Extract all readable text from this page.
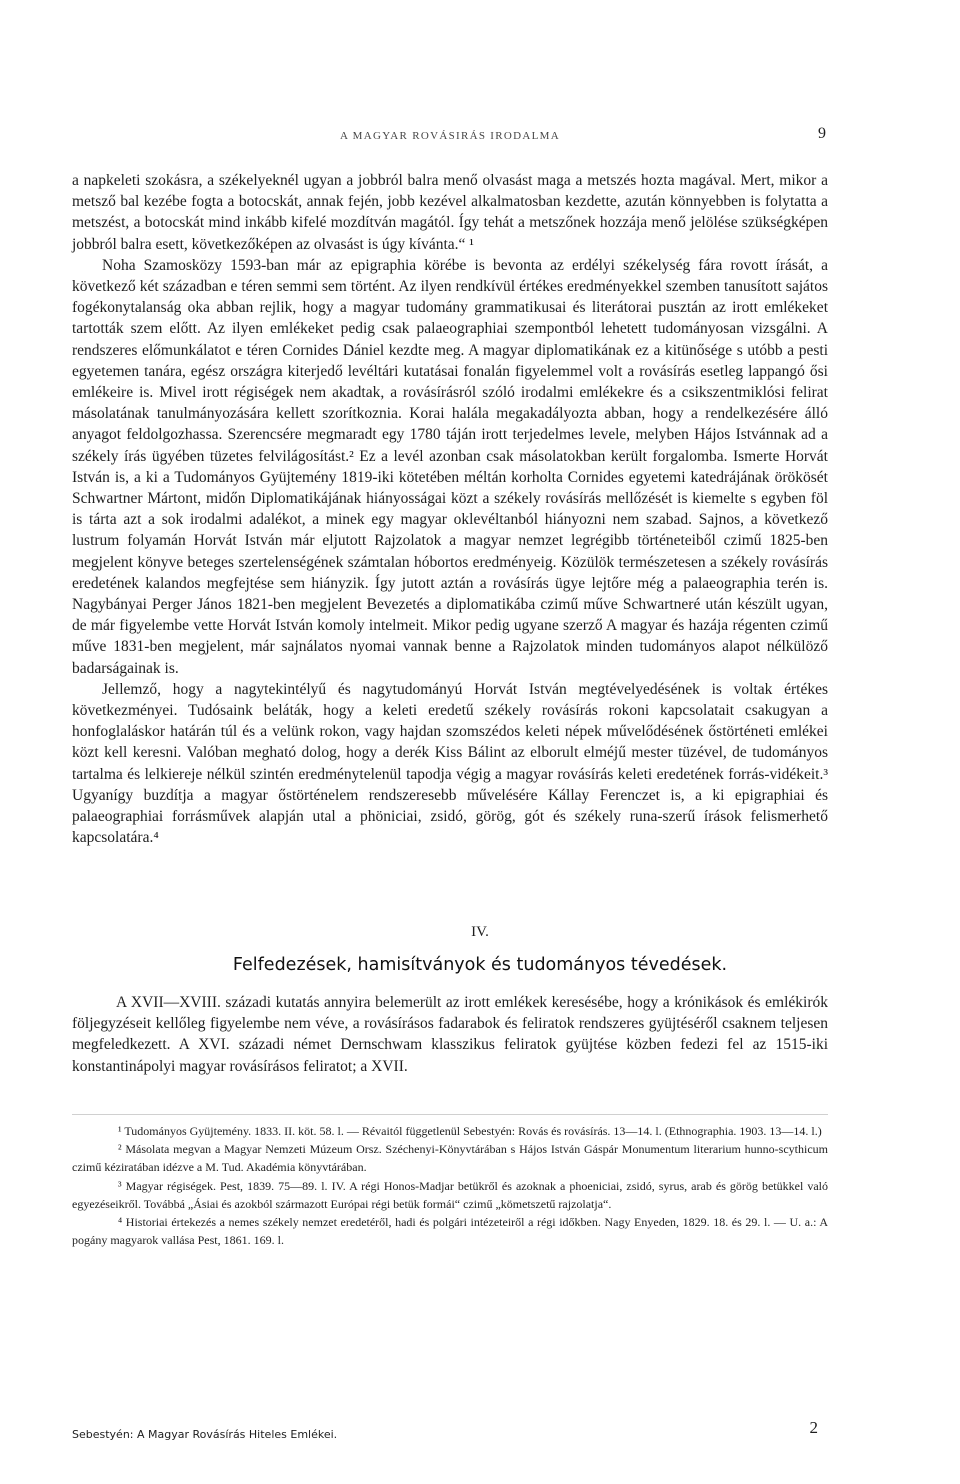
A MAGYAR ROVÁSIRÁS IRODALMA	9

a napkeleti szokásra, a székelyeknél ugyan a jobbról balra menő olvasást maga a metszés hozta magával. Mert, mikor a metsző bal kezébe fogta a botocskát, annak fején, jobb kezével alkalmatosban kezdette, azután könnyebben is folytatta a metszést, a botocskát mind inkább kifelé mozdítván magától. Így tehát a metszőnek hozzája menő jelölése szükségképen jobbról balra esett, következőképen az olvasást is úgy kívánta.“ ¹

Noha Szamosközy 1593-ban már az epigraphia körébe is bevonta az erdélyi székelység fára rovott írását, a következő két században e téren semmi sem történt. Az ilyen rendkívül értékes eredményekkel szemben tanusított sajátos fogékonytalanság oka abban rejlik, hogy a magyar tudomány grammatikusai és literátorai pusztán az irott emlékeket tartották szem előtt. Az ilyen emlékeket pedig csak palaeographiai szempontból lehetett tudományosan vizsgálni. A rendszeres előmunkálatot e téren Cornides Dániel kezdte meg. A magyar diplomatikának ez a kitünősége s utóbb a pesti egyetemen tanára, egész országra kiterjedő levéltári kutatásai fonalán figyelemmel volt a rovásírás esetleg lappangó ősi emlékeire is. Mivel irott régiségek nem akadtak, a rovásírásról szóló irodalmi emlékekre és a csikszentmiklósi felirat másolatának tanulmányozására kellett szorítkoznia. Korai halála megakadályozta abban, hogy a rendelkezésére álló anyagot feldolgozhassa. Szerencsére megmaradt egy 1780 táján irott terjedelmes levele, melyben Hájos Istvánnak ad a székely írás ügyében tüzetes felvilágosítást.² Ez a levél azonban csak másolatokban került forgalomba. Ismerte Horvát István is, a ki a Tudományos Gyüjtemény 1819-iki kötetében méltán korholta Cornides egyetemi katedrájának örökösét Schwartner Mártont, midőn Diplomatikájának hiányosságai közt a székely rovásírás mellőzését is kiemelte s egyben föl is tárta azt a sok irodalmi adalékot, a minek egy magyar oklevéltanból hiányozni nem szabad. Sajnos, a következő lustrum folyamán Horvát István már eljutott Rajzolatok a magyar nemzet legrégibb történeteiből czimű 1825-ben megjelent könyve beteges szertelenségének számtalan hóbortos eredményeig. Közülök természetesen a székely rovásírás eredetének kalandos megfejtése sem hiányzik. Így jutott aztán a rovásírás ügye lejtőre még a palaeographia terén is. Nagybányai Perger János 1821-ben megjelent Bevezetés a diplomatikába czimű műve Schwartneré után készült ugyan, de már figyelembe vette Horvát István komoly intelmeit. Mikor pedig ugyane szerző A magyar és hazája régenten czimű műve 1831-ben megjelent, már sajnálatos nyomai vannak benne a Rajzolatok minden tudományos alapot nélkülöző badarságainak is.

Jellemző, hogy a nagytekintélyű és nagytudományú Horvát István megtévelyedésének is voltak értékes következményei. Tudósaink beláták, hogy a keleti eredetű székely rovásírás rokoni kapcsolatait csakugyan a honfoglaláskor határán túl és a velünk rokon, vagy hajdan szomszédos keleti népek művelődésének őstörténeti emlékei közt kell keresni. Valóban megható dolog, hogy a derék Kiss Bálint az elborult elméjű mester tüzével, de tudományos tartalma és lelkiereje nélkül szintén eredménytelenül tapodja végig a magyar rovásírás keleti eredetének forrás-vidékeit.³ Ugyanígy buzdítja a magyar őstörténelem rendszeresebb művelésére Kállay Ferenczet is, a ki epigraphiai és palaeographiai forrásművek alapján utal a phöniciai, zsidó, görög, gót és székely runa-szerű írások felismerhető kapcsolatára.⁴

IV.
Felfedezések, hamisítványok és tudományos tévedések.

A XVII—XVIII. századi kutatás annyira belemerült az irott emlékek keresésébe, hogy a krónikások és emlékirók följegyzéseit kellőleg figyelembe nem véve, a rovásírásos fadarabok és feliratok rendszeres gyüjtéséről csaknem teljesen megfeledkezett. A XVI. századi német Dernschwam klasszikus feliratok gyüjtése közben fedezi fel az 1515-iki konstantinápolyi magyar rovásírásos feliratot; a XVII.

¹ Tudományos Gyüjtemény. 1833. II. köt. 58. l. — Révaitól függetlenül Sebestyén: Rovás és rovásírás. 13—14. l. (Ethnographia. 1903. 13—14. l.)

² Másolata megvan a Magyar Nemzeti Múzeum Orsz. Széchenyi-Könyvtárában s Hájos István Gáspár Monumentum literarium hunno-scythicum czimű kéziratában idézve a M. Tud. Akadémia könyvtárában.

³ Magyar régiségek. Pest, 1839. 75—89. l. IV. A régi Honos-Madjar betükről és azoknak a phoeniciai, zsidó, syrus, arab és görög betükkel való egyezéseikről. Továbbá „Ásiai és azokból származott Európai régi betük formái“ czimű „kömetszetű rajzolatja“.

⁴ Historiai értekezés a nemes székely nemzet eredetéről, hadi és polgári intézeteiről a régi időkben. Nagy Enyeden, 1829. 18. és 29. l. — U. a.: A pogány magyarok vallása Pest, 1861. 169. l.

Sebestyén: A Magyar Rovásírás Hiteles Emlékei.	2
